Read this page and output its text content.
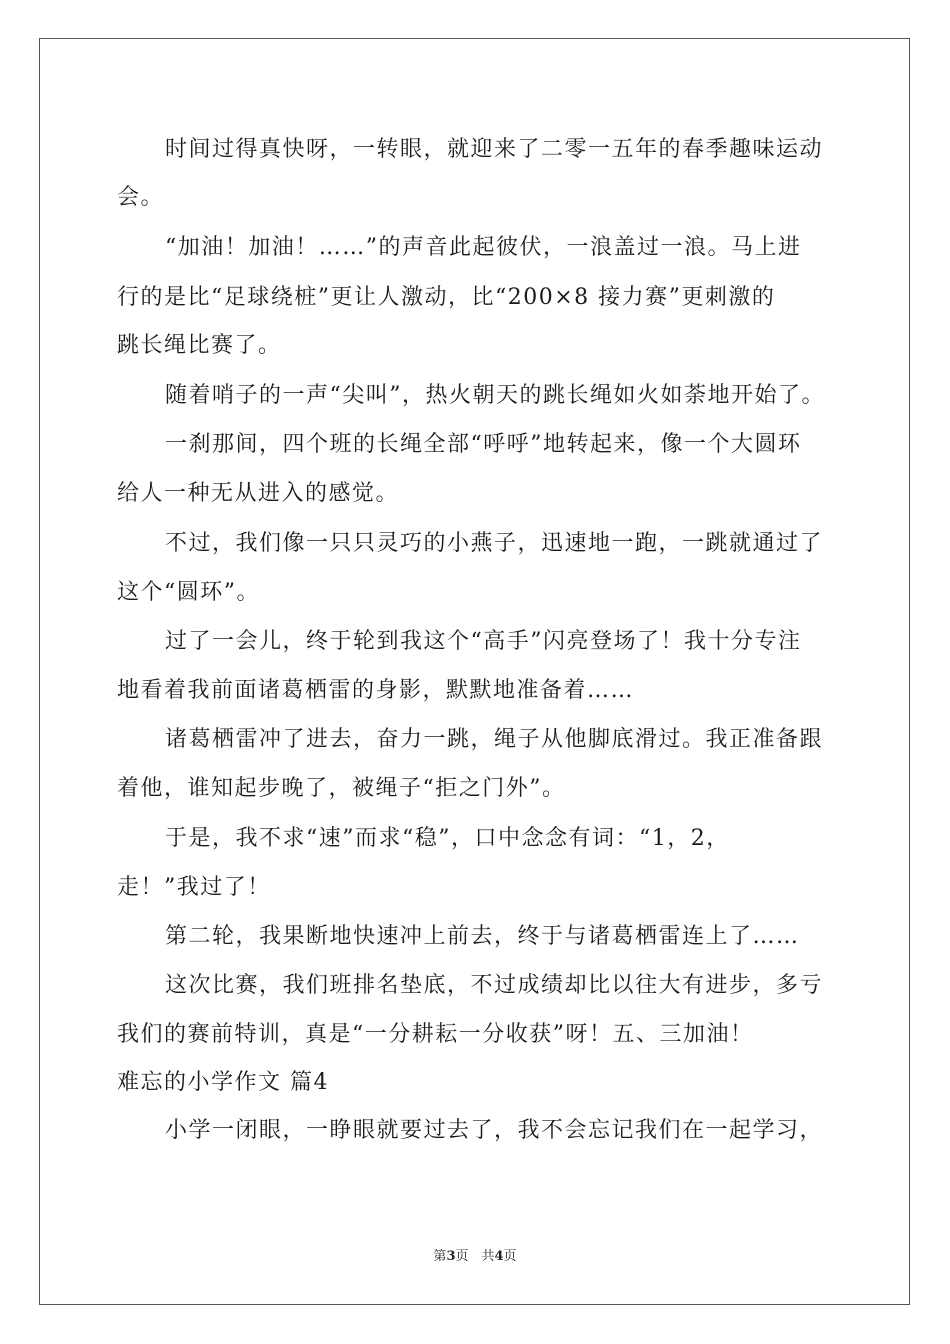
时间过得真快呀，一转眼，就迎来了二零一五年的春季趣味运动
会。
“加油！加油！……”的声音此起彼伏，一浪盖过一浪。马上进
行的是比“足球绕桩”更让人激动，比“200×8 接力赛”更刺激的
跳长绳比赛了。
随着哨子的一声“尖叫”，热火朝天的跳长绳如火如荼地开始了。
一刹那间，四个班的长绳全部“呼呼”地转起来，像一个大圆环
给人一种无从进入的感觉。
不过，我们像一只只灵巧的小燕子，迅速地一跑，一跳就通过了
这个“圆环”。
过了一会儿，终于轮到我这个“高手”闪亮登场了！我十分专注
地看着我前面诸葛栖雷的身影，默默地准备着……
诸葛栖雷冲了进去，奋力一跳，绳子从他脚底滑过。我正准备跟
着他，谁知起步晚了，被绳子“拒之门外”。
于是，我不求“速”而求“稳”，口中念念有词：“1，2，
走！”我过了！
第二轮，我果断地快速冲上前去，终于与诸葛栖雷连上了……
这次比赛，我们班排名垫底，不过成绩却比以往大有进步，多亏
我们的赛前特训，真是“一分耕耘一分收获”呀！五、三加油！
难忘的小学作文 篇4
小学一闭眼，一睁眼就要过去了，我不会忘记我们在一起学习，
第3页　共4页
